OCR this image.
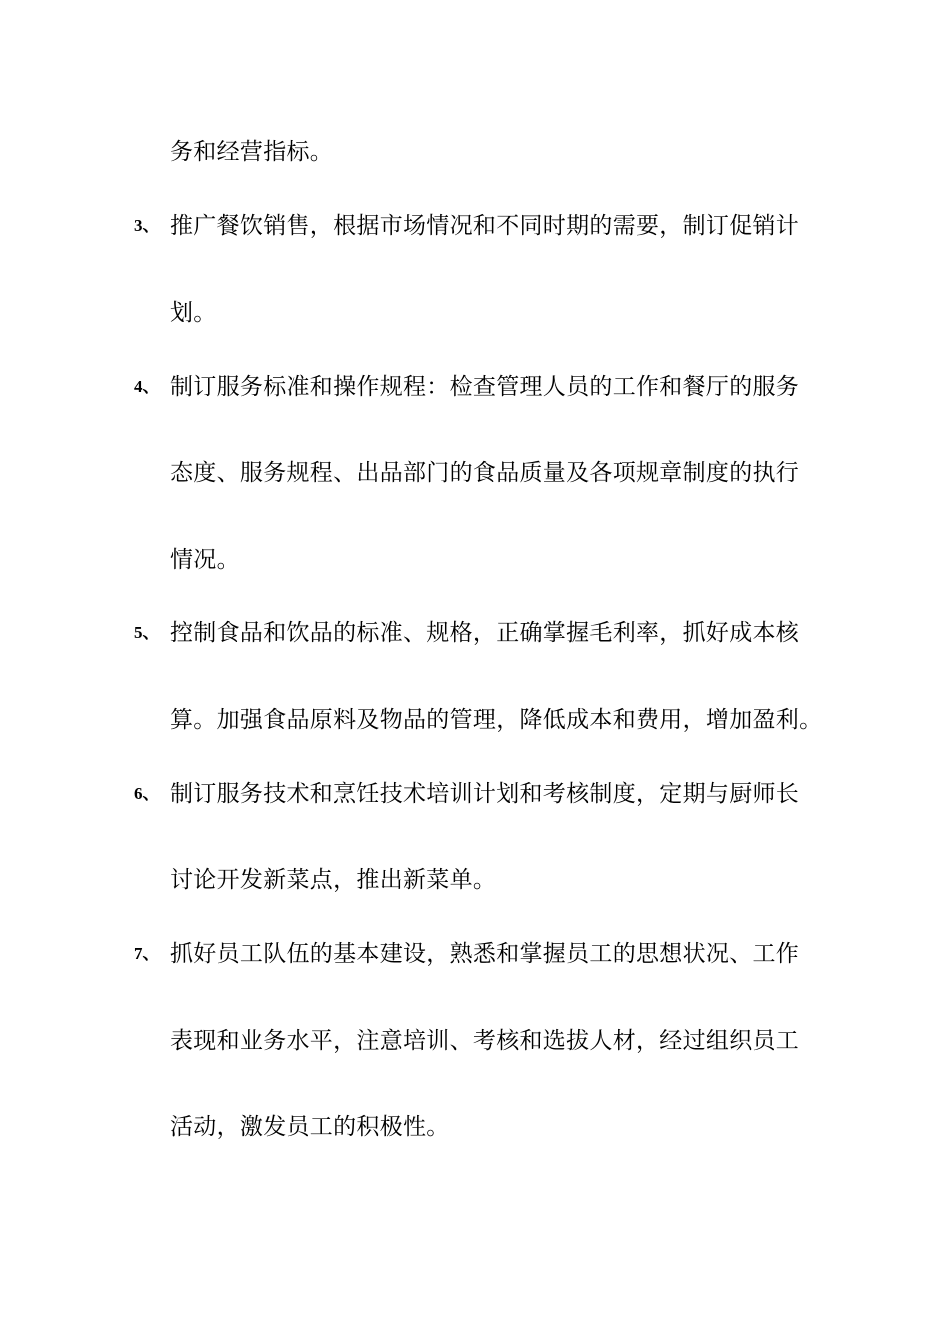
务和经营指标。
3、 推广餐饮销售，根据市场情况和不同时期的需要，制订促销计
划。
4、 制订服务标准和操作规程：检查管理人员的工作和餐厅的服务
态度、服务规程、出品部门的食品质量及各项规章制度的执行
情况。
5、 控制食品和饮品的标准、规格，正确掌握毛利率，抓好成本核
算。加强食品原料及物品的管理，降低成本和费用，增加盈利。
6、 制订服务技术和烹饪技术培训计划和考核制度，定期与厨师长
讨论开发新菜点，推出新菜单。
7、 抓好员工队伍的基本建设，熟悉和掌握员工的思想状况、工作
表现和业务水平，注意培训、考核和选拔人材，经过组织员工
活动，激发员工的积极性。
